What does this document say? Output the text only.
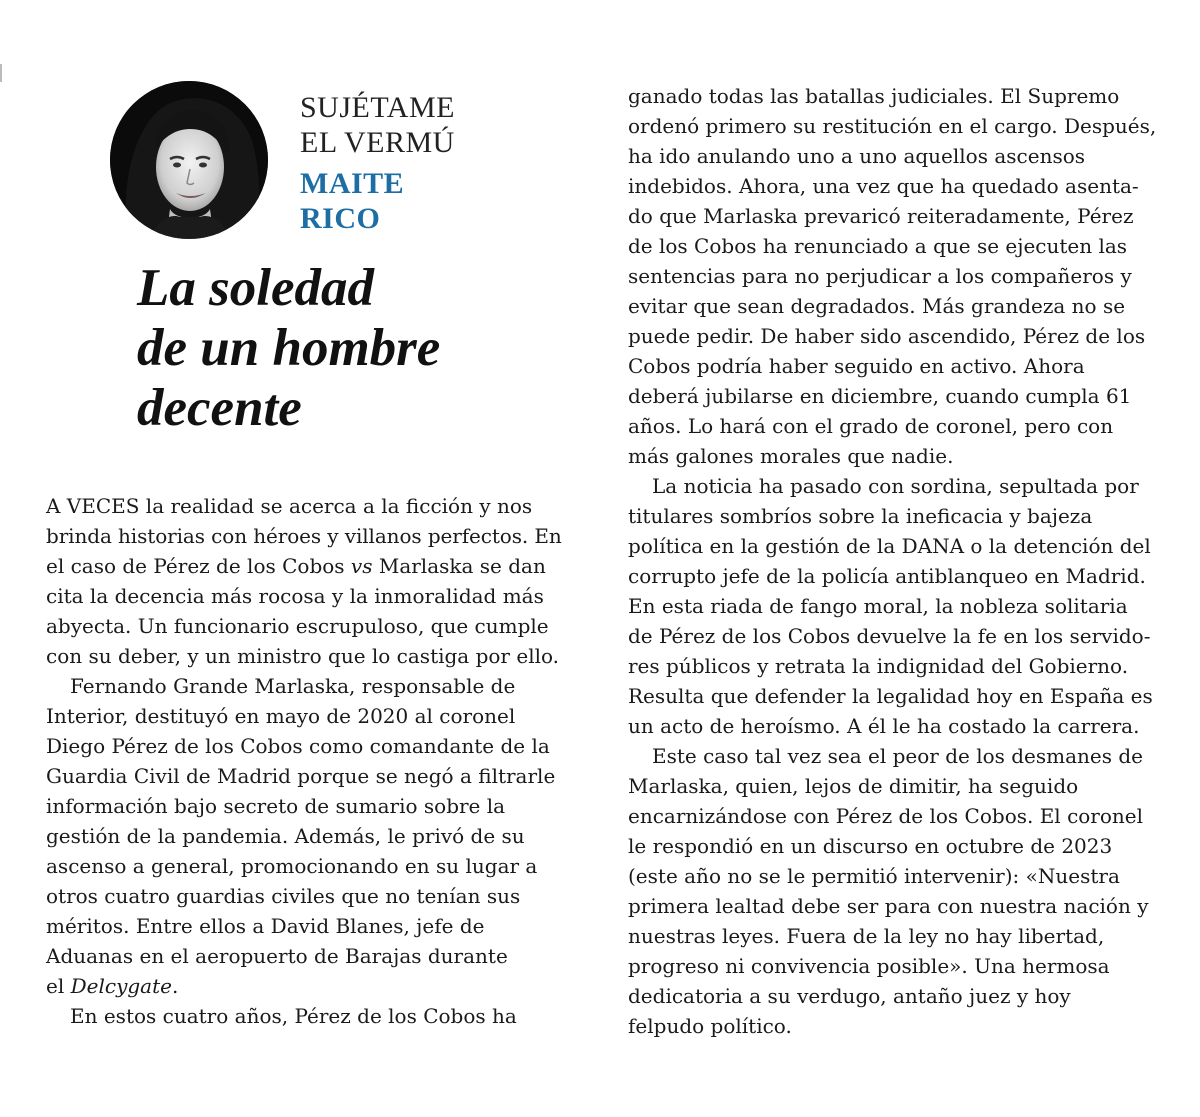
SUJÉTAME
EL VERMÚ
MAITE
RICO
La soledad
de un hombre
decente
A VECES la realidad se acerca a la ficción y nos
brinda historias con héroes y villanos perfectos. En
el caso de Pérez de los Cobos vs Marlaska se dan
cita la decencia más rocosa y la inmoralidad más
abyecta. Un funcionario escrupuloso, que cumple
con su deber, y un ministro que lo castiga por ello.
Fernando Grande Marlaska, responsable de
Interior, destituyó en mayo de 2020 al coronel
Diego Pérez de los Cobos como comandante de la
Guardia Civil de Madrid porque se negó a filtrarle
información bajo secreto de sumario sobre la
gestión de la pandemia. Además, le privó de su
ascenso a general, promocionando en su lugar a
otros cuatro guardias civiles que no tenían sus
méritos. Entre ellos a David Blanes, jefe de
Aduanas en el aeropuerto de Barajas durante
el Delcygate.
En estos cuatro años, Pérez de los Cobos ha
ganado todas las batallas judiciales. El Supremo
ordenó primero su restitución en el cargo. Después,
ha ido anulando uno a uno aquellos ascensos
indebidos. Ahora, una vez que ha quedado asenta-
do que Marlaska prevaricó reiteradamente, Pérez
de los Cobos ha renunciado a que se ejecuten las
sentencias para no perjudicar a los compañeros y
evitar que sean degradados. Más grandeza no se
puede pedir. De haber sido ascendido, Pérez de los
Cobos podría haber seguido en activo. Ahora
deberá jubilarse en diciembre, cuando cumpla 61
años. Lo hará con el grado de coronel, pero con
más galones morales que nadie.
La noticia ha pasado con sordina, sepultada por
titulares sombríos sobre la ineficacia y bajeza
política en la gestión de la DANA o la detención del
corrupto jefe de la policía antiblanqueo en Madrid.
En esta riada de fango moral, la nobleza solitaria
de Pérez de los Cobos devuelve la fe en los servido-
res públicos y retrata la indignidad del Gobierno.
Resulta que defender la legalidad hoy en España es
un acto de heroísmo. A él le ha costado la carrera.
Este caso tal vez sea el peor de los desmanes de
Marlaska, quien, lejos de dimitir, ha seguido
encarnizándose con Pérez de los Cobos. El coronel
le respondió en un discurso en octubre de 2023
(este año no se le permitió intervenir): «Nuestra
primera lealtad debe ser para con nuestra nación y
nuestras leyes. Fuera de la ley no hay libertad,
progreso ni convivencia posible». Una hermosa
dedicatoria a su verdugo, antaño juez y hoy
felpudo político.
